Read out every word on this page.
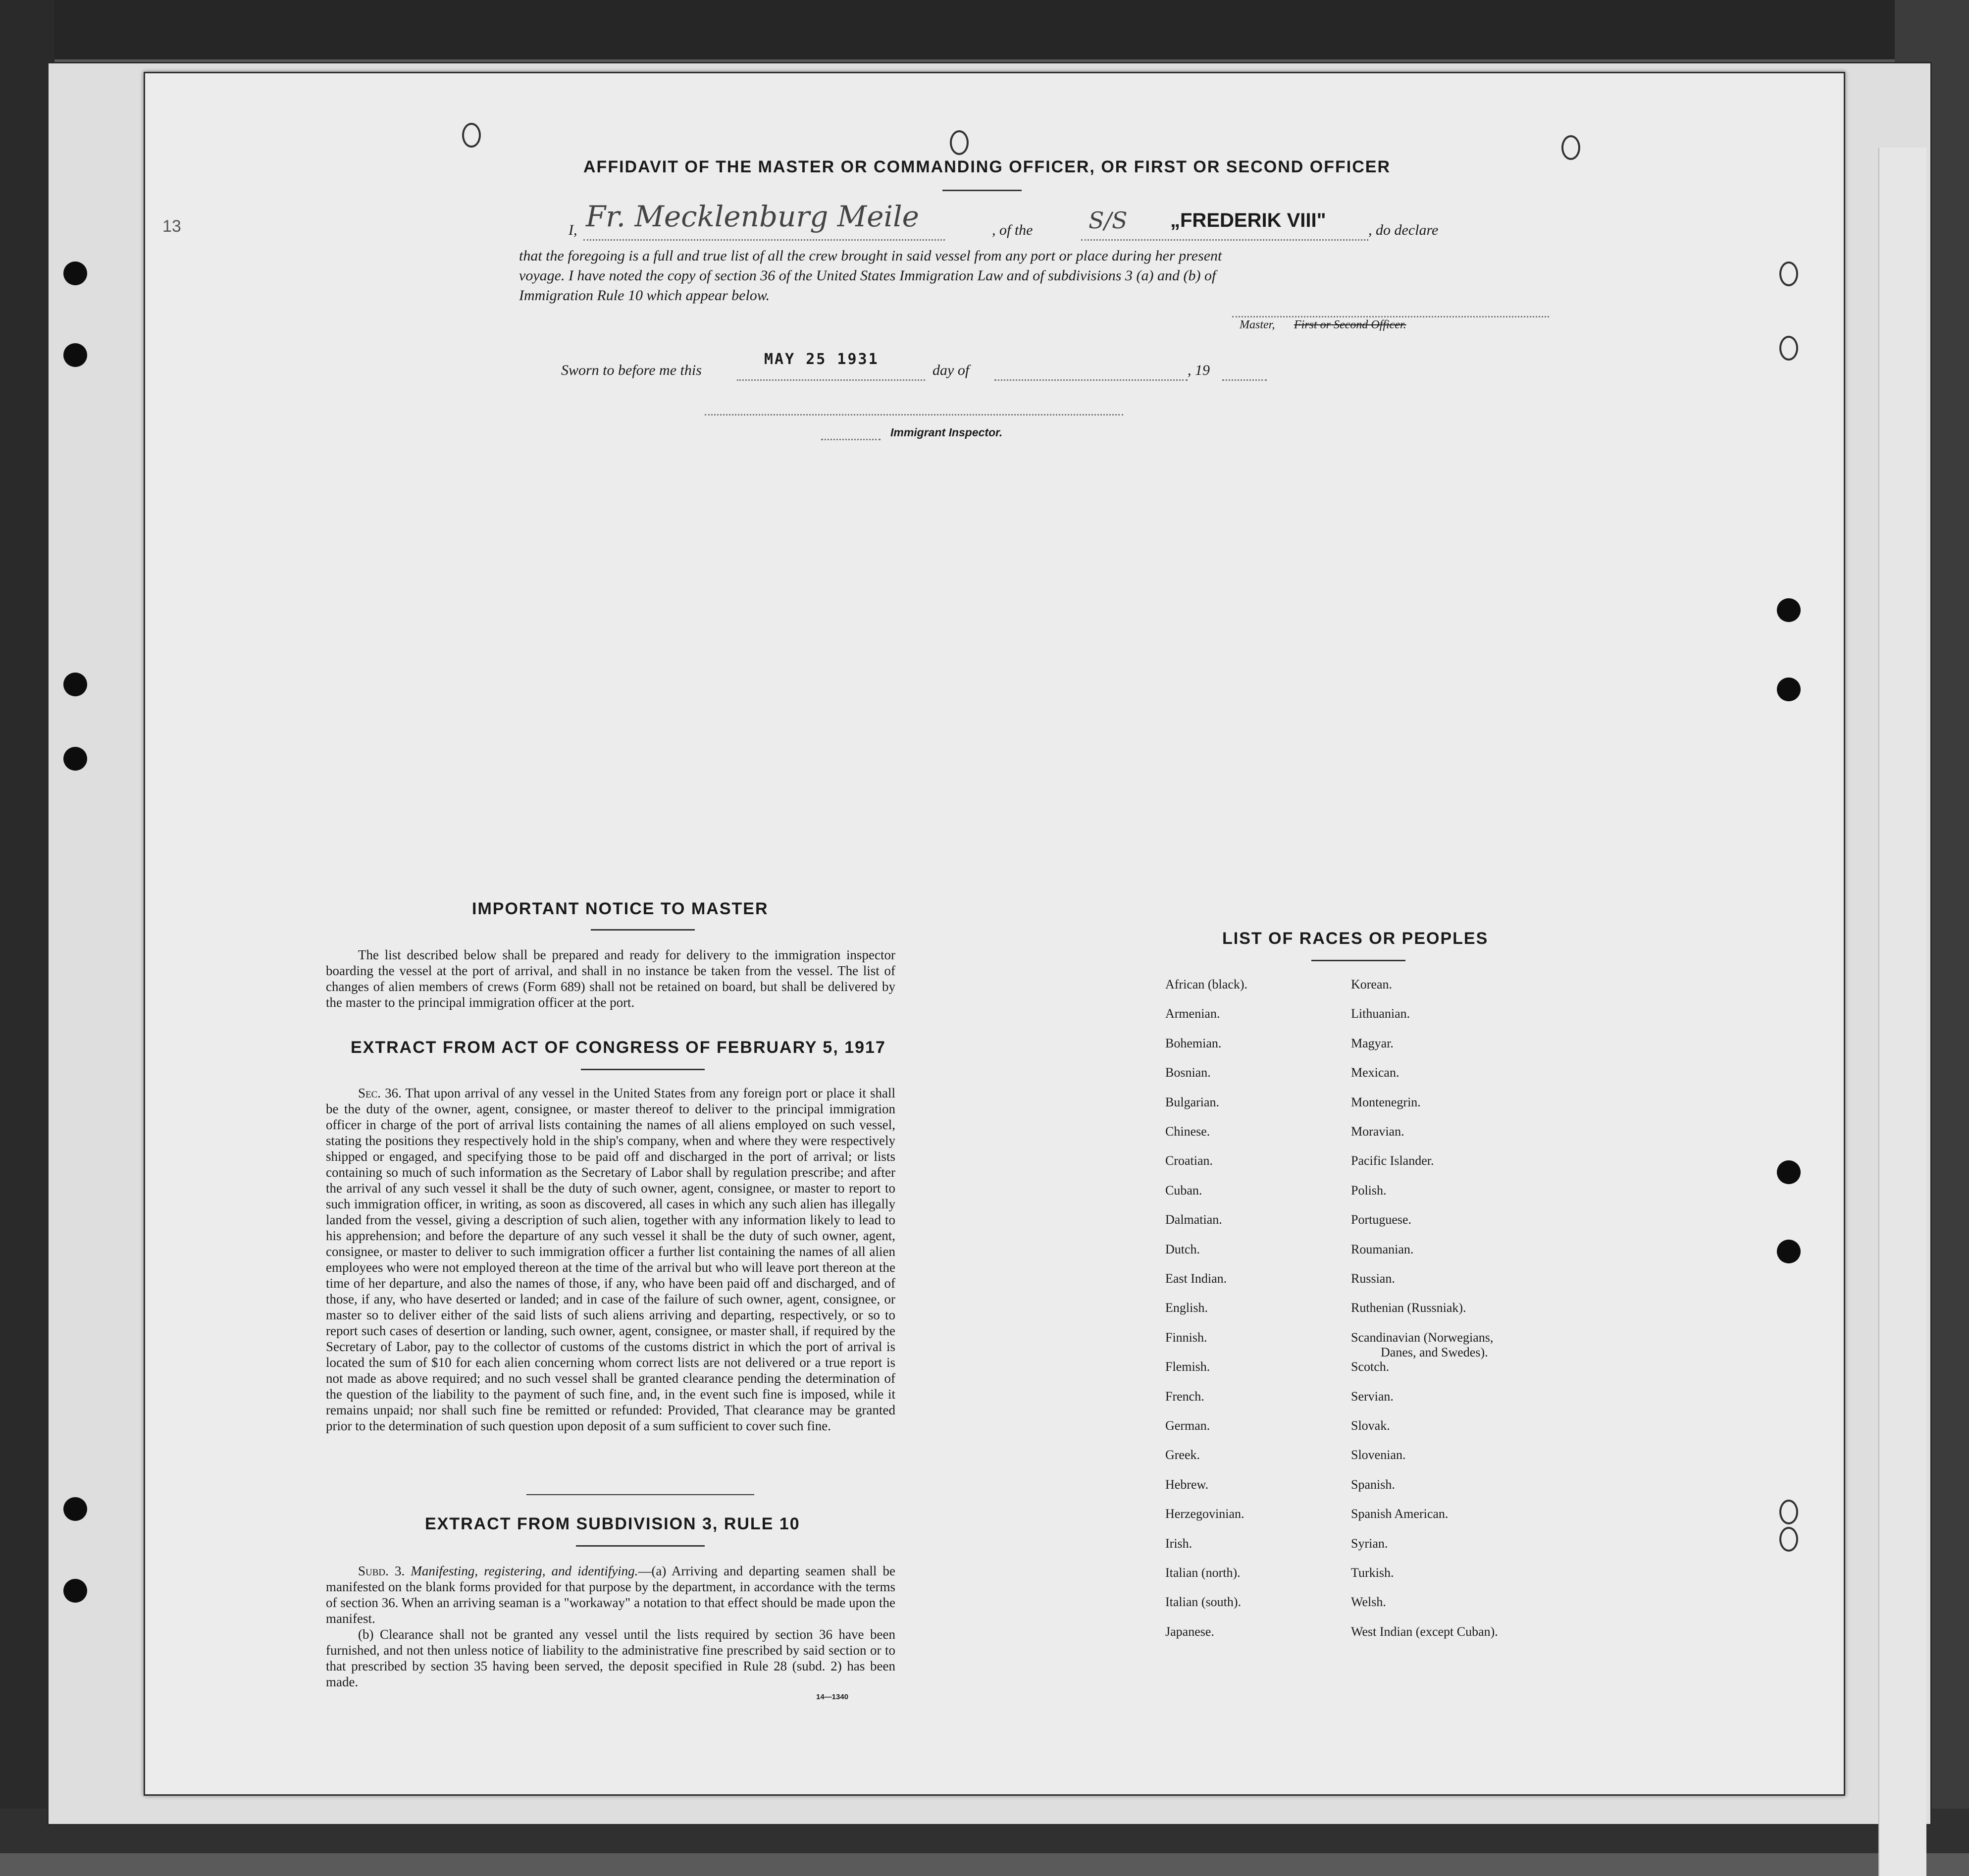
13
AFFIDAVIT OF THE MASTER OR COMMANDING OFFICER, OR FIRST OR SECOND OFFICER
I, Fr. Mecklenburg Meile	, of the S/S „FREDERIK VIII"	, do declare
that the foregoing is a full and true list of all the crew brought in said vessel from any port or place during her present
voyage. I have noted the copy of section 36 of the United States Immigration Law and of subdivisions 3 (a) and (b) of
Immigration Rule 10 which appear below.
Master, First or Second Officer.
Sworn to before me this
MAY 25 1931
day of	, 19
Immigrant Inspector.
IMPORTANT NOTICE TO MASTER
The list described below shall be prepared and ready for delivery to the immigration inspector boarding the vessel at the port of arrival, and shall in no instance be taken from the vessel. The list of changes of alien members of crews (Form 689) shall not be retained on board, but shall be delivered by the master to the principal immigration officer at the port.
EXTRACT FROM ACT OF CONGRESS OF FEBRUARY 5, 1917
Sec. 36. That upon arrival of any vessel in the United States from any foreign port or place it shall be the duty of the owner, agent, consignee, or master thereof to deliver to the principal immigration officer in charge of the port of arrival lists containing the names of all aliens employed on such vessel, stating the positions they respectively hold in the ship's company, when and where they were respectively shipped or engaged, and specifying those to be paid off and discharged in the port of arrival; or lists containing so much of such information as the Secretary of Labor shall by regulation prescribe; and after the arrival of any such vessel it shall be the duty of such owner, agent, consignee, or master to report to such immigration officer, in writing, as soon as discovered, all cases in which any such alien has illegally landed from the vessel, giving a description of such alien, together with any information likely to lead to his apprehension; and before the departure of any such vessel it shall be the duty of such owner, agent, consignee, or master to deliver to such immigration officer a further list containing the names of all alien employees who were not employed thereon at the time of the arrival but who will leave port thereon at the time of her departure, and also the names of those, if any, who have been paid off and discharged, and of those, if any, who have deserted or landed; and in case of the failure of such owner, agent, consignee, or master so to deliver either of the said lists of such aliens arriving and departing, respectively, or so to report such cases of desertion or landing, such owner, agent, consignee, or master shall, if required by the Secretary of Labor, pay to the collector of customs of the customs district in which the port of arrival is located the sum of $10 for each alien concerning whom correct lists are not delivered or a true report is not made as above required; and no such vessel shall be granted clearance pending the determination of the question of the liability to the payment of such fine, and, in the event such fine is imposed, while it remains unpaid; nor shall such fine be remitted or refunded: Provided, That clearance may be granted prior to the determination of such question upon deposit of a sum sufficient to cover such fine.
EXTRACT FROM SUBDIVISION 3, RULE 10
Subd. 3. Manifesting, registering, and identifying.—(a) Arriving and departing seamen shall be manifested on the blank forms provided for that purpose by the department, in accordance with the terms of section 36. When an arriving seaman is a "workaway" a notation to that effect should be made upon the manifest.
(b) Clearance shall not be granted any vessel until the lists required by section 36 have been furnished, and not then unless notice of liability to the administrative fine prescribed by said section or to that prescribed by section 35 having been served, the deposit specified in Rule 28 (subd. 2) has been made.
14—1340
LIST OF RACES OR PEOPLES
African (black).
Armenian.
Bohemian.
Bosnian.
Bulgarian.
Chinese.
Croatian.
Cuban.
Dalmatian.
Dutch.
East Indian.
English.
Finnish.
Flemish.
French.
German.
Greek.
Hebrew.
Herzegovinian.
Irish.
Italian (north).
Italian (south).
Japanese.
Korean.
Lithuanian.
Magyar.
Mexican.
Montenegrin.
Moravian.
Pacific Islander.
Polish.
Portuguese.
Roumanian.
Russian.
Ruthenian (Russniak).
Scandinavian (Norwegians,
Danes, and Swedes).
Scotch.
Servian.
Slovak.
Slovenian.
Spanish.
Spanish American.
Syrian.
Turkish.
Welsh.
West Indian (except Cuban).
